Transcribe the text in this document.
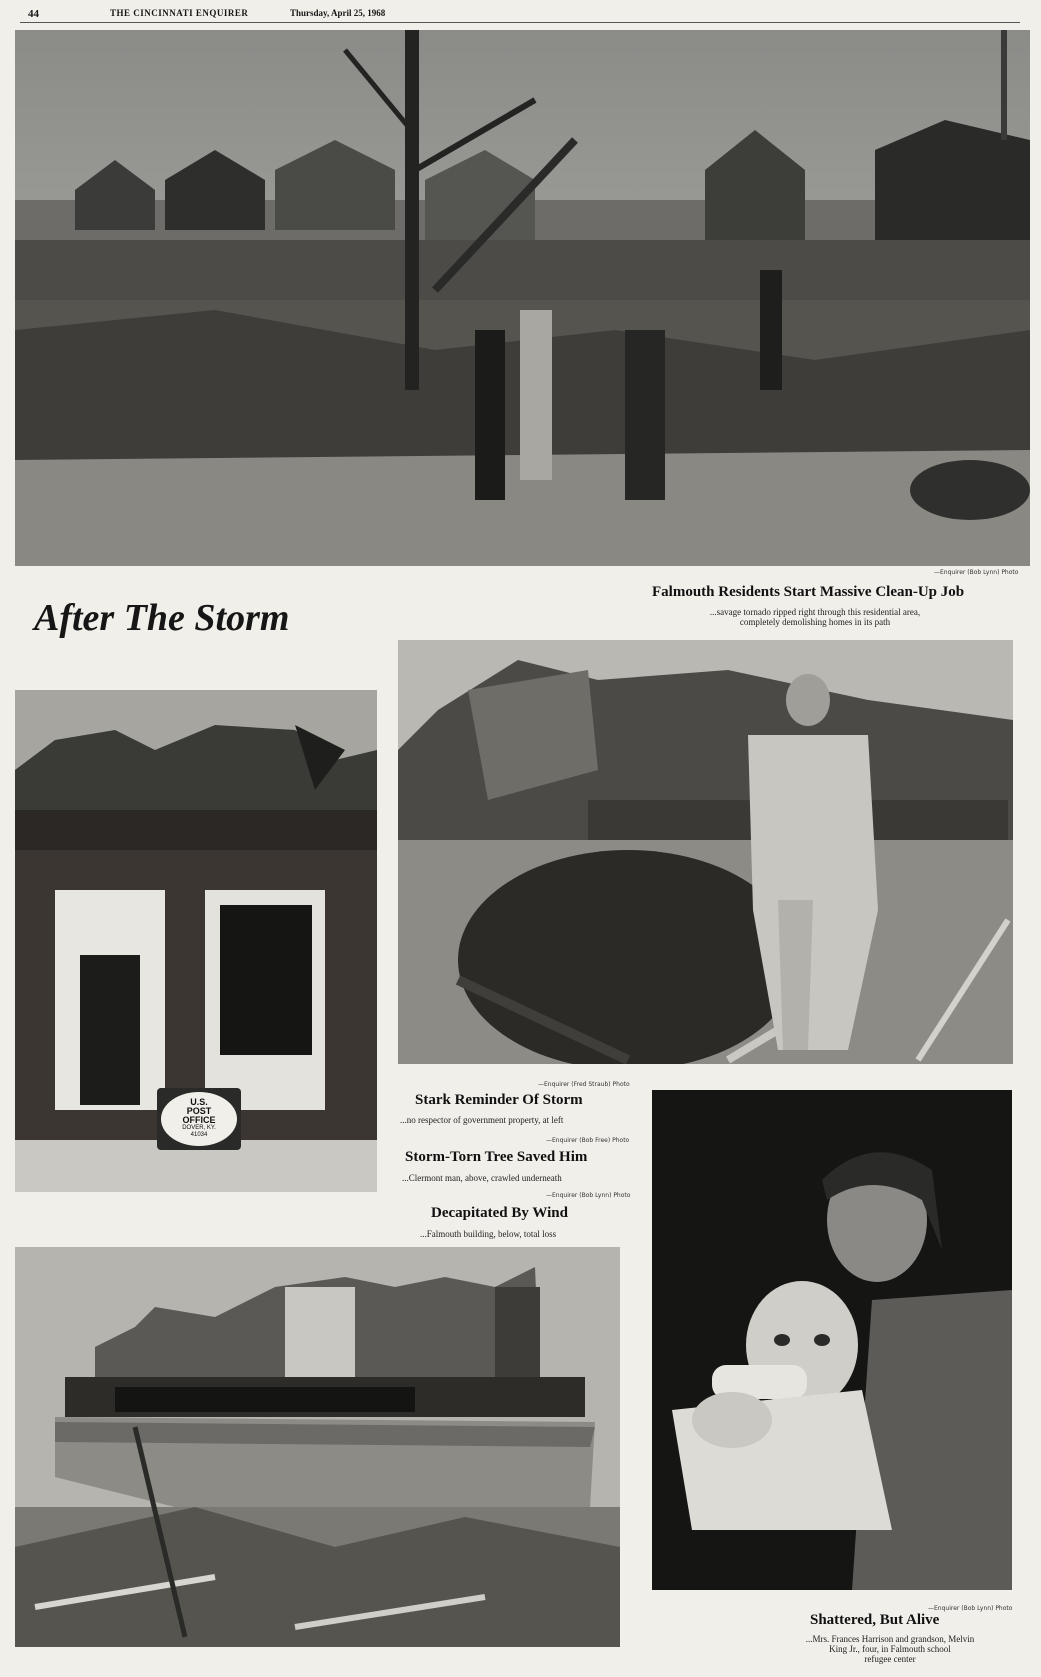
44	THE CINCINNATI ENQUIRER	Thursday, April 25, 1968
—Enquirer (Bob Lynn) Photo
After The Storm
Falmouth Residents Start Massive Clean-Up Job
...savage tornado ripped right through this residential area,
completely demolishing homes in its path
U.S.
POST
OFFICE
DOVER, KY.
41034
—Enquirer (Fred Straub) Photo
Stark Reminder Of Storm
...no respector of government property, at left
—Enquirer (Bob Free) Photo
Storm-Torn Tree Saved Him
...Clermont man, above, crawled underneath
—Enquirer (Bob Lynn) Photo
Decapitated By Wind
...Falmouth building, below, total loss
—Enquirer (Bob Lynn) Photo
Shattered, But Alive
...Mrs. Frances Harrison and grandson, Melvin
King Jr., four, in Falmouth school
refugee center
